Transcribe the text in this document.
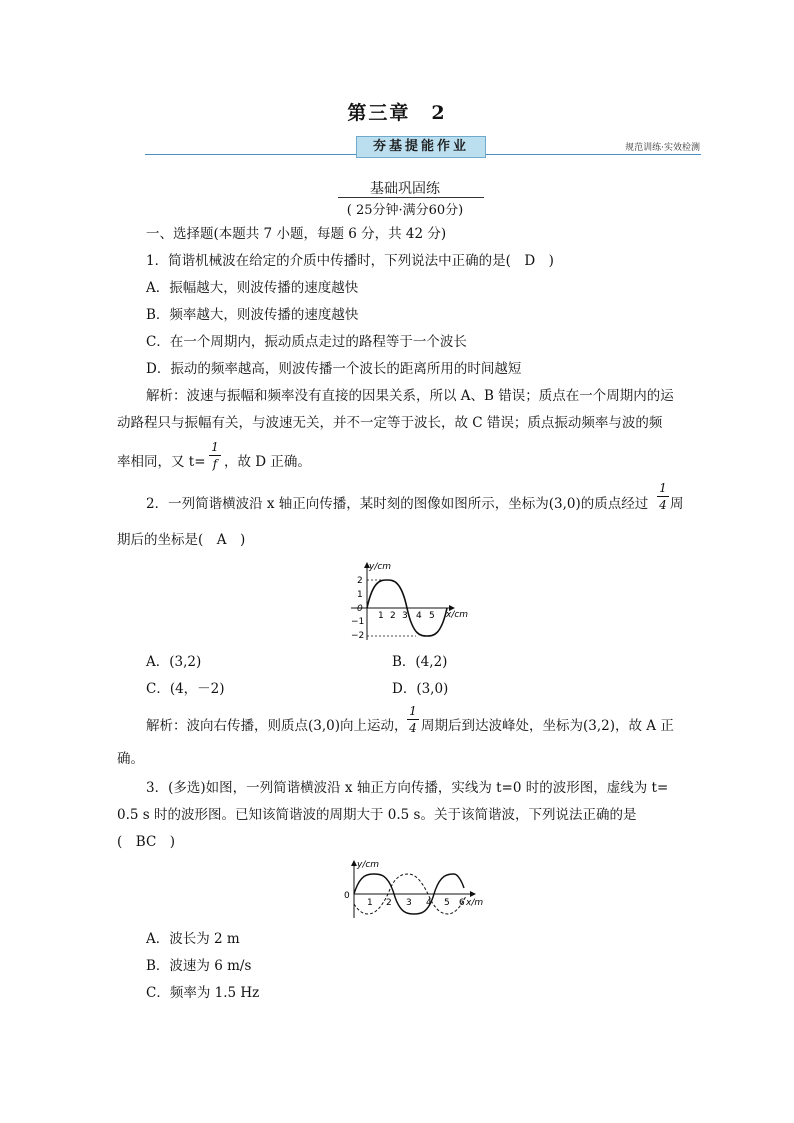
第三章　2
夯基提能作业	规范训练·实效检测
基础巩固练
( 25分钟·满分60分)
一、选择题(本题共 7 小题，每题 6 分，共 42 分)
1．简谐机械波在给定的介质中传播时，下列说法中正确的是(　D　)
A．振幅越大，则波传播的速度越快
B．频率越大，则波传播的速度越快
C．在一个周期内，振动质点走过的路程等于一个波长
D．振动的频率越高，则波传播一个波长的距离所用的时间越短
解析：波速与振幅和频率没有直接的因果关系，所以 A、B 错误；质点在一个周期内的运
动路程只与振幅有关，与波速无关，并不一定等于波长，故 C 错误；质点振动频率与波的频
率相同，又 t=
1
f ，故 D 正确。
2．一列简谐横波沿 x 轴正向传播，某时刻的图像如图所示，坐标为(3,0)的质点经过
1
4 周
期后的坐标是(　A　)
y/cm
2
1
0
−1
−2
1 2 3 4 5 x/cm
A．(3,2)	B．(4,2)
C．(4，－2)	D．(3,0)
解析：波向右传播，则质点(3,0)向上运动，
1
4 周期后到达波峰处，坐标为(3,2)，故 A 正
确。
3．(多选)如图，一列简谐横波沿 x 轴正方向传播，实线为 t=0 时的波形图，虚线为 t=
0.5 s 时的波形图。已知该简谐波的周期大于 0.5 s。关于该简谐波，下列说法正确的是
(　BC　)
y/cm
0
1 2 3 4 5 6 x/m
A．波长为 2 m
B．波速为 6 m/s
C．频率为 1.5 Hz
